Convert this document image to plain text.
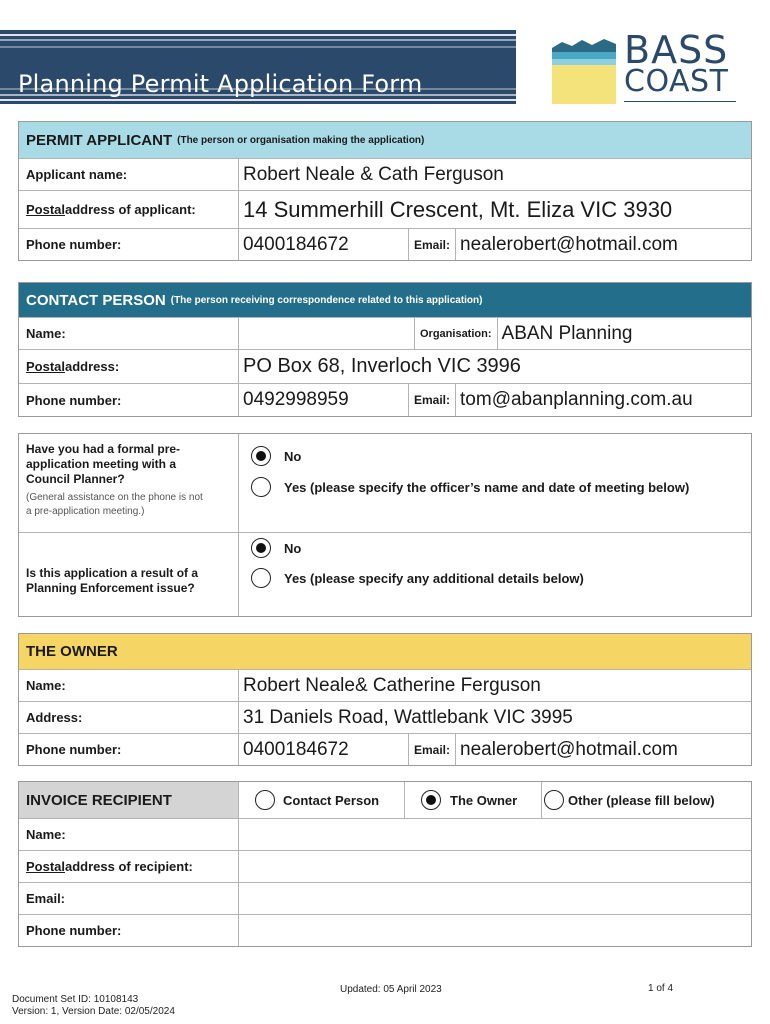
Planning Permit Application Form
BASS
COAST
PERMIT APPLICANT (The person or organisation making the application)
Applicant name:	Robert Neale & Cath Ferguson
Postal address of applicant: 14 Summerhill Crescent, Mt. Eliza VIC 3930
Phone number:	0400184672	Email: nealerobert@hotmail.com
CONTACT PERSON (The person receiving correspondence related to this application)
Name:	Organisation: ABAN Planning
Postal address:	PO Box 68, Inverloch VIC 3996
Phone number:	0492998959	Email: tom@abanplanning.com.au
Have you had a formal pre-application meeting with a Council Planner?
(General assistance on the phone is not a pre-application meeting.)
No
Yes (please specify the officer’s name and date of meeting below)
Is this application a result of a Planning Enforcement issue?
No
Yes (please specify any additional details below)
THE OWNER
Name:	Robert Neale& Catherine Ferguson
Address:	31 Daniels Road, Wattlebank VIC 3995
Phone number:	0400184672	Email: nealerobert@hotmail.com
INVOICE RECIPIENT	Contact Person	The Owner	Other (please fill below)
Name:
Postal address of recipient:
Email:
Phone number:
Updated: 05 April 2023	1 of 4
Document Set ID: 10108143
Version: 1, Version Date: 02/05/2024
